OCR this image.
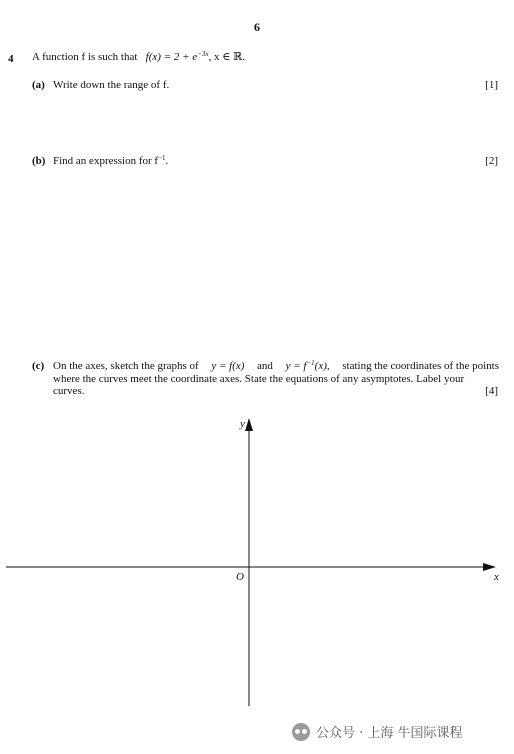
6
4 A function f is such that $f(x) = 2 + e^{-3x}$, x ∈ ℝ.
(a) Write down the range of f.	[1]
(b) Find an expression for $f^{-1}$.	[2]
(c) On the axes, sketch the graphs of y = f(x) and $y = f^{-1}(x)$, stating the coordinates of the points
where the curves meet the coordinate axes. State the equations of any asymptotes. Label your
curves.	[4]
y
x
O
公众号 · 上海 牛国际课程
